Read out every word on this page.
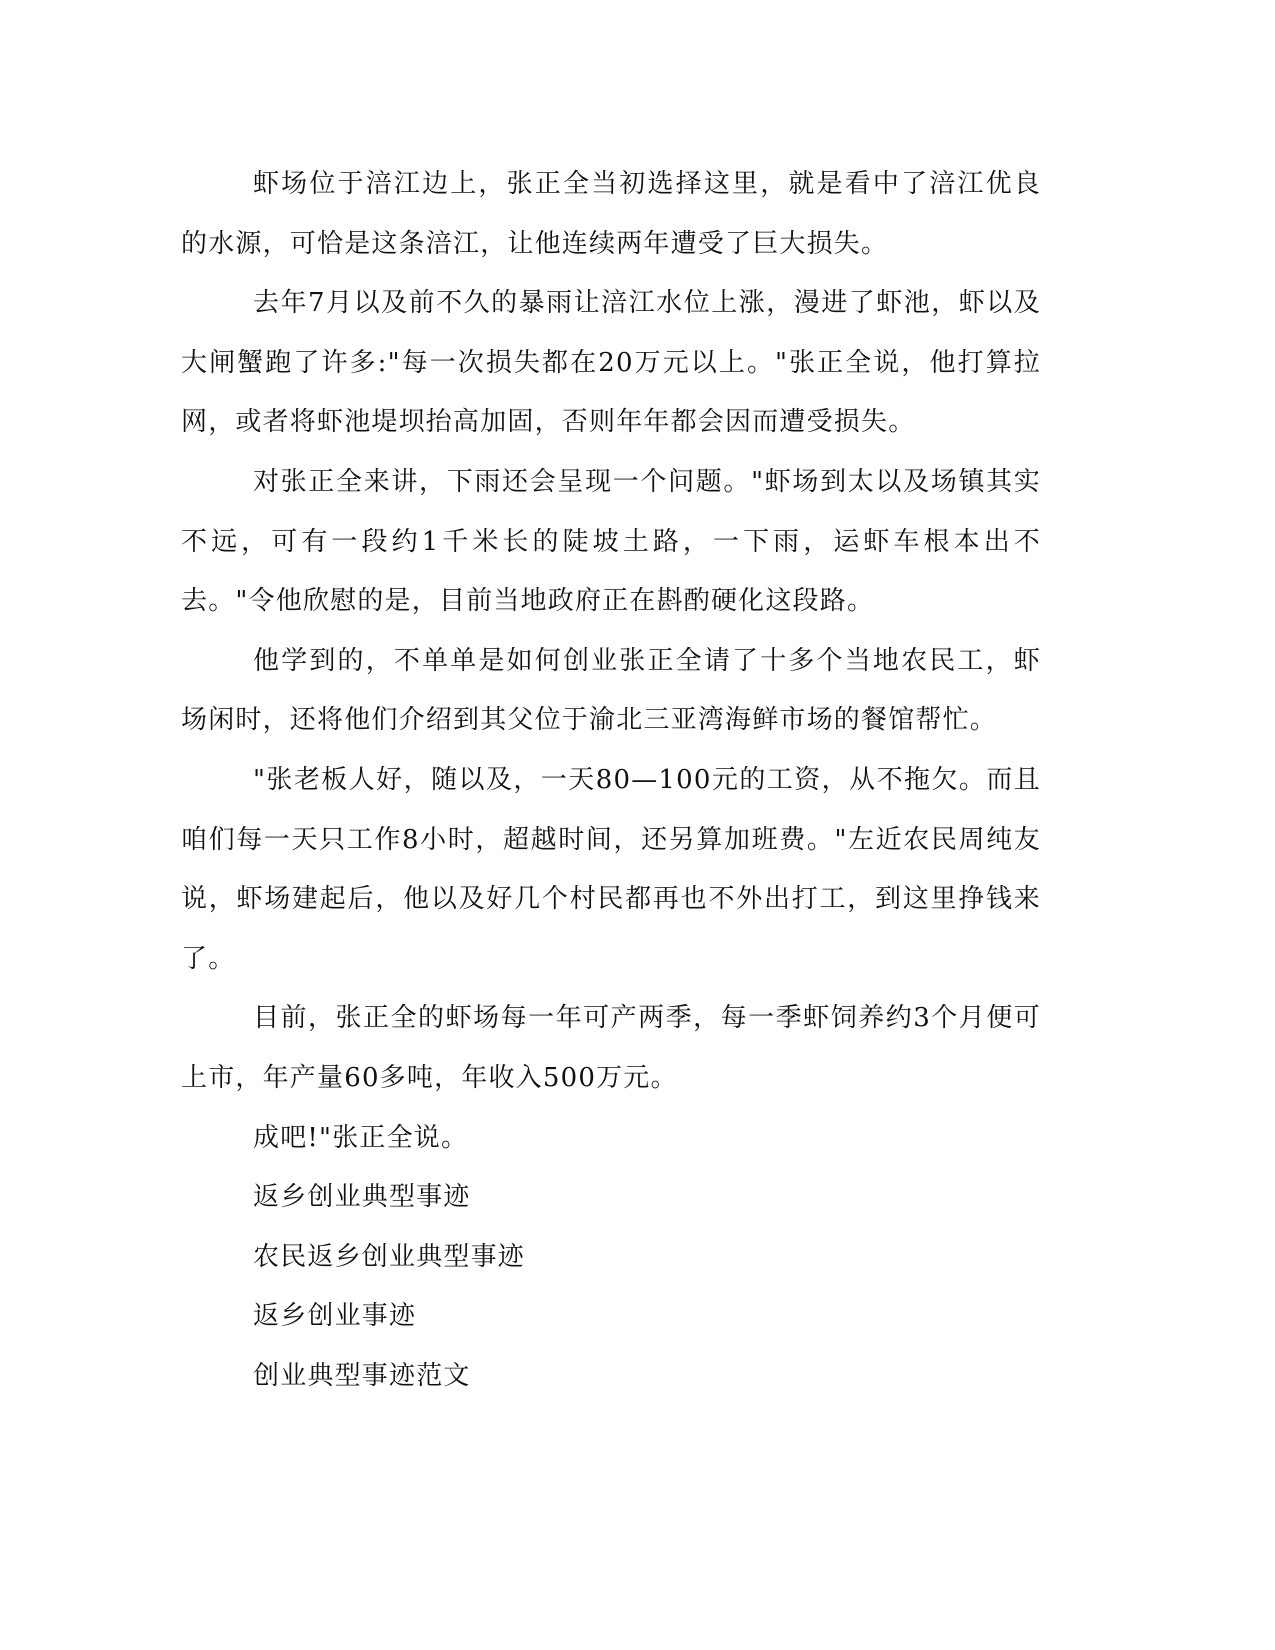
虾场位于涪江边上，张正全当初选择这里，就是看中了涪江优良的水源，可恰是这条涪江，让他连续两年遭受了巨大损失。

去年7月以及前不久的暴雨让涪江水位上涨，漫进了虾池，虾以及大闸蟹跑了许多:"每一次损失都在20万元以上。"张正全说，他打算拉网，或者将虾池堤坝抬高加固，否则年年都会因而遭受损失。

对张正全来讲，下雨还会呈现一个问题。"虾场到太以及场镇其实不远，可有一段约1千米长的陡坡土路，一下雨，运虾车根本出不去。"令他欣慰的是，目前当地政府正在斟酌硬化这段路。

他学到的，不单单是如何创业张正全请了十多个当地农民工，虾场闲时，还将他们介绍到其父位于渝北三亚湾海鲜市场的餐馆帮忙。

"张老板人好，随以及，一天80—100元的工资，从不拖欠。而且咱们每一天只工作8小时，超越时间，还另算加班费。"左近农民周纯友说，虾场建起后，他以及好几个村民都再也不外出打工，到这里挣钱来了。

目前，张正全的虾场每一年可产两季，每一季虾饲养约3个月便可上市，年产量60多吨，年收入500万元。

成吧!"张正全说。

返乡创业典型事迹

农民返乡创业典型事迹

返乡创业事迹

创业典型事迹范文
